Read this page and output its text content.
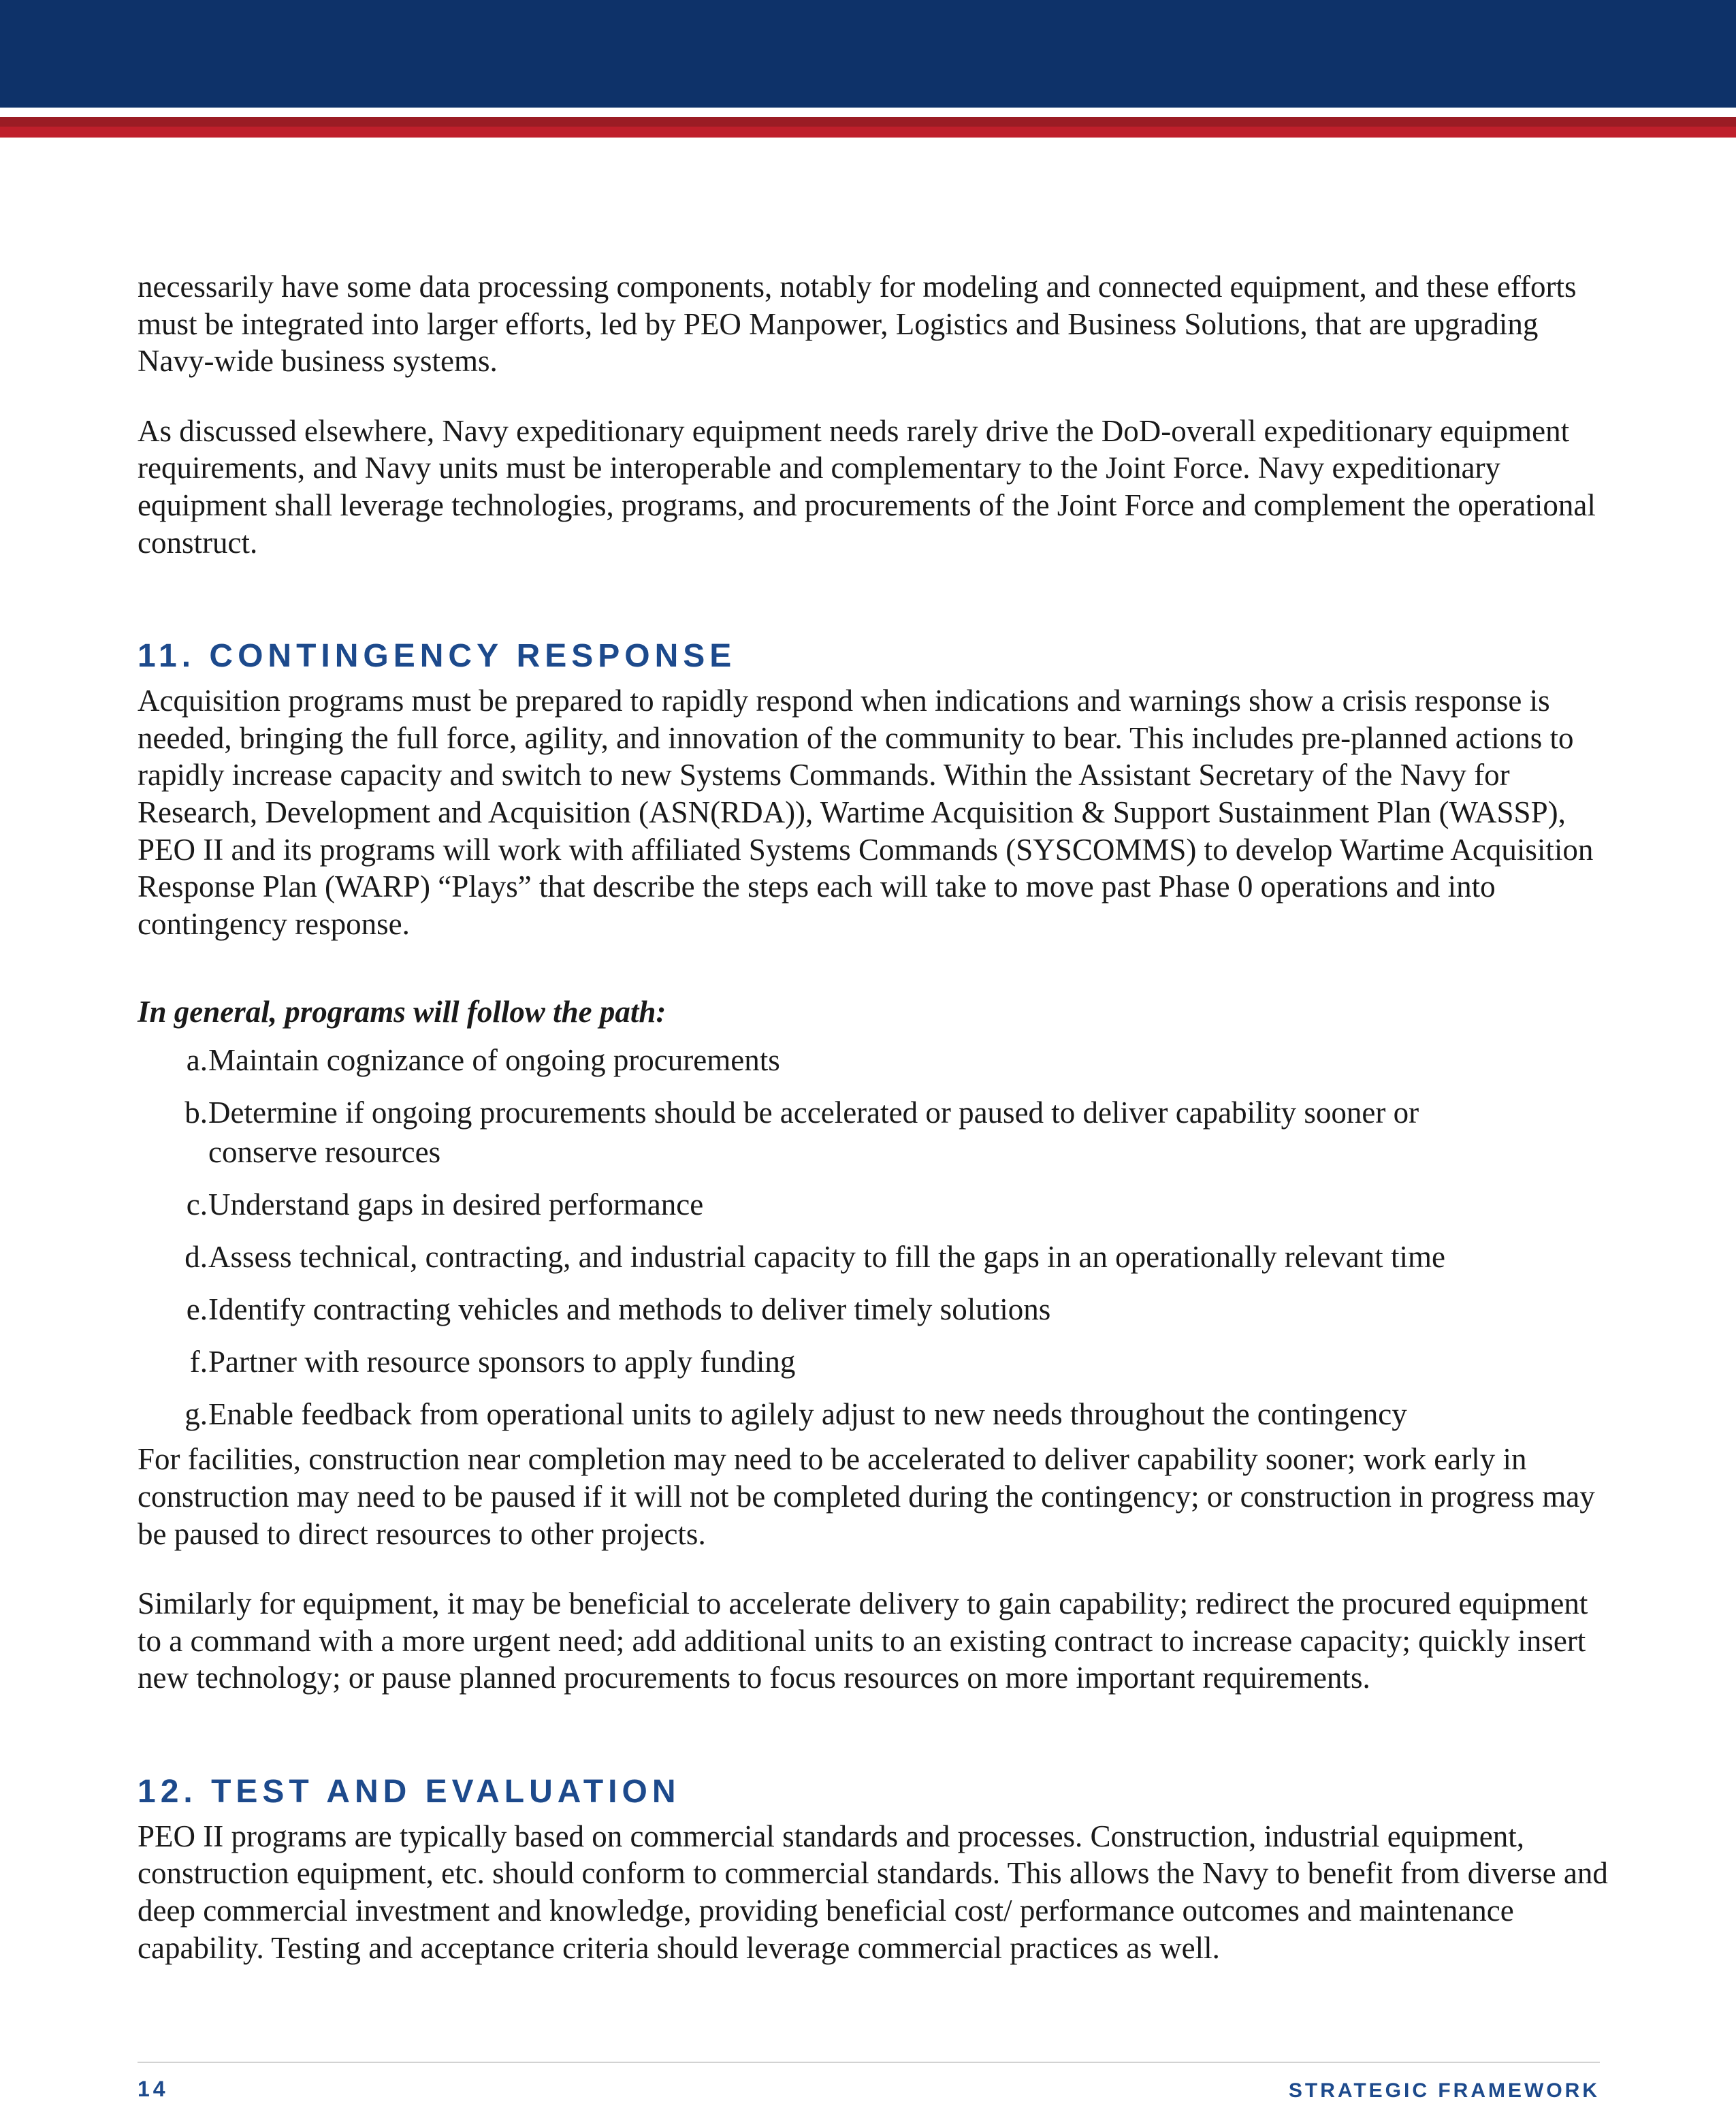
necessarily have some data processing components, notably for modeling and connected equipment, and these efforts must be integrated into larger efforts, led by PEO Manpower, Logistics and Business Solutions, that are upgrading Navy-wide business systems.

As discussed elsewhere, Navy expeditionary equipment needs rarely drive the DoD-overall expeditionary equipment requirements, and Navy units must be interoperable and complementary to the Joint Force. Navy expeditionary equipment shall leverage technologies, programs, and procurements of the Joint Force and complement the operational construct.

11. CONTINGENCY RESPONSE

Acquisition programs must be prepared to rapidly respond when indications and warnings show a crisis response is needed, bringing the full force, agility, and innovation of the community to bear. This includes pre-planned actions to rapidly increase capacity and switch to new Systems Commands. Within the Assistant Secretary of the Navy for Research, Development and Acquisition (ASN(RDA)), Wartime Acquisition & Support Sustainment Plan (WASSP), PEO II and its programs will work with affiliated Systems Commands (SYSCOMMS) to develop Wartime Acquisition Response Plan (WARP) “Plays” that describe the steps each will take to move past Phase 0 operations and into contingency response.

In general, programs will follow the path:

a. Maintain cognizance of ongoing procurements
b. Determine if ongoing procurements should be accelerated or paused to deliver capability sooner or conserve resources
c. Understand gaps in desired performance
d. Assess technical, contracting, and industrial capacity to fill the gaps in an operationally relevant time
e. Identify contracting vehicles and methods to deliver timely solutions
f. Partner with resource sponsors to apply funding
g. Enable feedback from operational units to agilely adjust to new needs throughout the contingency

For facilities, construction near completion may need to be accelerated to deliver capability sooner; work early in construction may need to be paused if it will not be completed during the contingency; or construction in progress may be paused to direct resources to other projects.

Similarly for equipment, it may be beneficial to accelerate delivery to gain capability; redirect the procured equipment to a command with a more urgent need; add additional units to an existing contract to increase capacity; quickly insert new technology; or pause planned procurements to focus resources on more important requirements.

12. TEST AND EVALUATION

PEO II programs are typically based on commercial standards and processes. Construction, industrial equipment, construction equipment, etc. should conform to commercial standards. This allows the Navy to benefit from diverse and deep commercial investment and knowledge, providing beneficial cost/ performance outcomes and maintenance capability. Testing and acceptance criteria should leverage commercial practices as well.

14	STRATEGIC FRAMEWORK
